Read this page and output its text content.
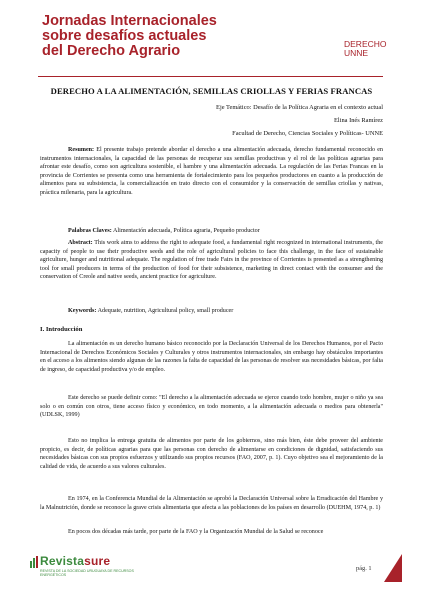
Jornadas Internacionales
sobre desafíos actuales
del Derecho Agrario	DERECHO
UNNE
DERECHO A LA ALIMENTACIÓN, SEMILLAS CRIOLLAS Y FERIAS FRANCAS
Eje Temático: Desafío de la Política Agraria en el contexto actual
Elina Inés Ramírez
Facultad de Derecho, Ciencias Sociales y Políticas- UNNE
Resumen: El presente trabajo pretende abordar el derecho a una alimentación adecuada, derecho fundamental reconocido en instrumentos internacionales, la capacidad de las personas de recuperar sus semillas productivas y el rol de las políticas agrarias para afrontar este desafío, como son agricultura sostenible, el hambre y una alimentación adecuada. La regulación de las Ferias Francas en la provincia de Corrientes se presenta como una herramienta de fortalecimiento para los pequeños productores en cuanto a la producción de alimentos para su subsistencia, la comercialización en trato directo con el consumidor y la conservación de semillas criollas y nativas, práctica milenaria, para la agricultura.
Palabras Claves: Alimentación adecuada, Política agraria, Pequeño productor
Abstract: This work aims to address the right to adequate food, a fundamental right recognized in international instruments, the capacity of people to use their productive seeds and the role of agricultural policies to face this challenge, in the face of sustainable agriculture, hunger and nutritional adequate. The regulation of free trade Fairs in the province of Corrientes is presented as a strengthening tool for small producers in terms of the production of food for their subsistence, marketing in direct contact with the consumer and the conservation of Creole and native seeds, ancient practice for agriculture.
Keywords: Adequate, nutrition, Agricultural policy, small producer
I. Introducción
La alimentación es un derecho humano básico reconocido por la Declaración Universal de los Derechos Humanos, por el Pacto Internacional de Derechos Económicos Sociales y Culturales y otros instrumentos internacionales, sin embargo hay obstáculos importantes en el acceso a los alimentos siendo algunas de las razones la falta de capacidad de las personas de resolver sus necesidades básicas, por falta de ingreso, de capacidad productiva y/o de empleo.
Este derecho se puede definir como: "El derecho a la alimentación adecuada se ejerce cuando todo hombre, mujer o niño ya sea solo o en común con otros, tiene acceso físico y económico, en todo momento, a la alimentación adecuada o medios para obtenerla" (UDLSK, 1999)
Esto no implica la entrega gratuita de alimentos por parte de los gobiernos, sino más bien, éste debe proveer del ambiente propicio, es decir, de políticas agrarias para que las personas con derecho de alimentarse en condiciones de dignidad, satisfaciendo sus necesidades básicas con sus propios esfuerzos y utilizando sus propios recursos (FAO, 2007, p. 1). Cuyo objetivo sea el mejoramiento de la calidad de vida, de acuerdo a sus valores culturales.
En 1974, en la Conferencia Mundial de la Alimentación se aprobó la Declaración Universal sobre la Erradicación del Hambre y la Malnutrición, donde se reconoce la grave crisis alimentaria que afecta a las poblaciones de los países en desarrollo (DUEHM, 1974, p. 1)
En pocos dos décadas más tarde, por parte de la FAO y la Organización Mundial de la Salud se reconoce
Revistasure
REVISTA DE LA SOCIEDAD URUGUAYA DE RECURSOS ENERGÉTICOS
pág. 1
